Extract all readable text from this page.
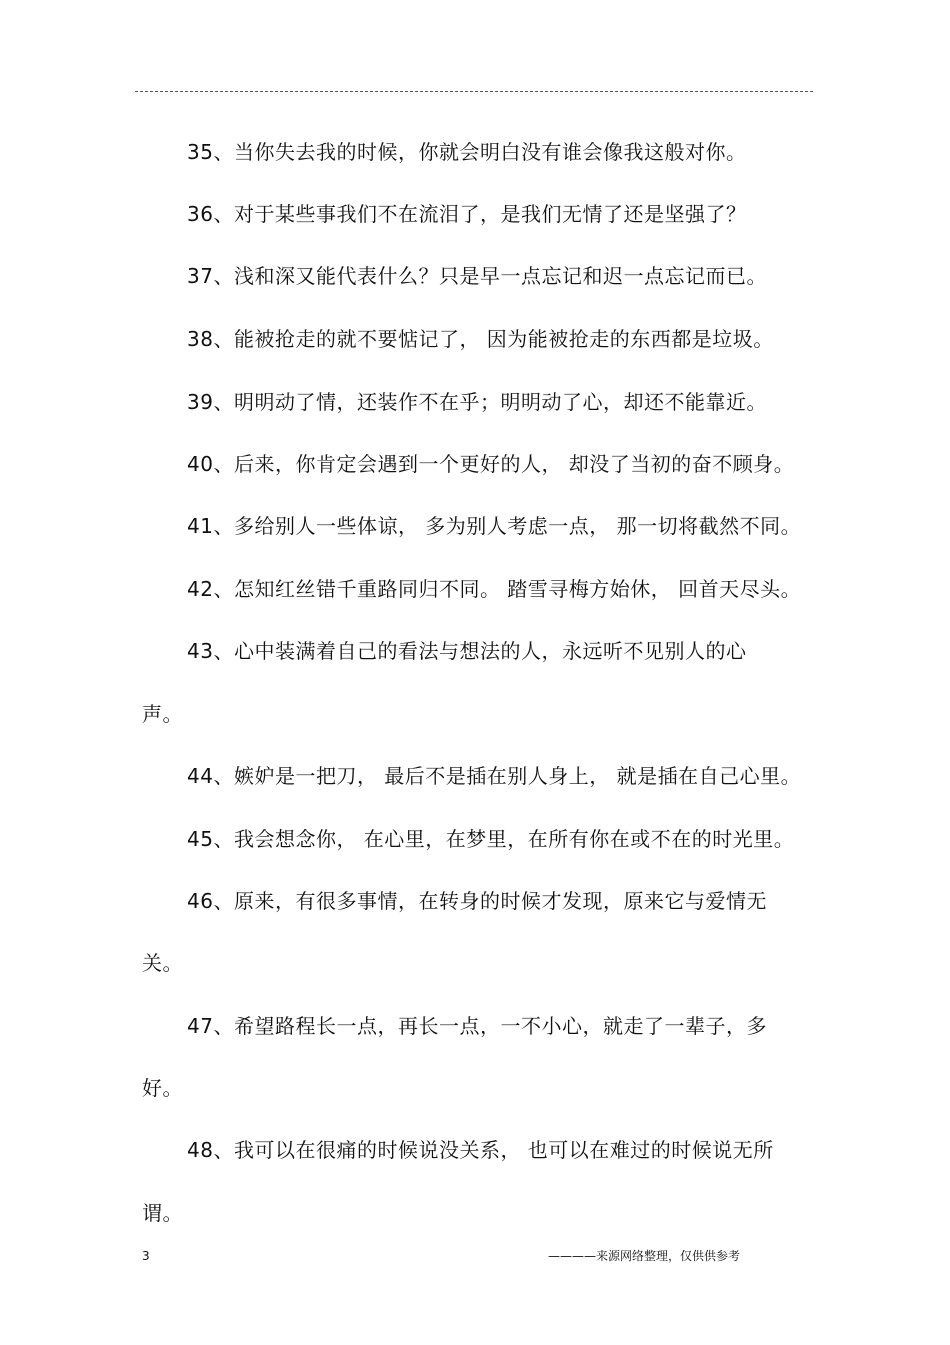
35、当你失去我的时候，你就会明白没有谁会像我这般对你。
36、对于某些事我们不在流泪了，是我们无情了还是坚强了？
37、浅和深又能代表什么？只是早一点忘记和迟一点忘记而已。
38、能被抢走的就不要惦记了， 因为能被抢走的东西都是垃圾。
39、明明动了情，还装作不在乎；明明动了心，却还不能靠近。
40、后来，你肯定会遇到一个更好的人， 却没了当初的奋不顾身。
41、多给别人一些体谅， 多为别人考虑一点， 那一切将截然不同。
42、怎知红丝错千重路同归不同。 踏雪寻梅方始休， 回首天尽头。
43、心中装满着自己的看法与想法的人，永远听不见别人的心
声。
44、嫉妒是一把刀， 最后不是插在别人身上， 就是插在自己心里。
45、我会想念你， 在心里，在梦里，在所有你在或不在的时光里。
46、原来，有很多事情，在转身的时候才发现，原来它与爱情无
关。
47、希望路程长一点，再长一点，一不小心，就走了一辈子，多
好。
48、我可以在很痛的时候说没关系， 也可以在难过的时候说无所
谓。
3	————来源网络整理，仅供供参考
